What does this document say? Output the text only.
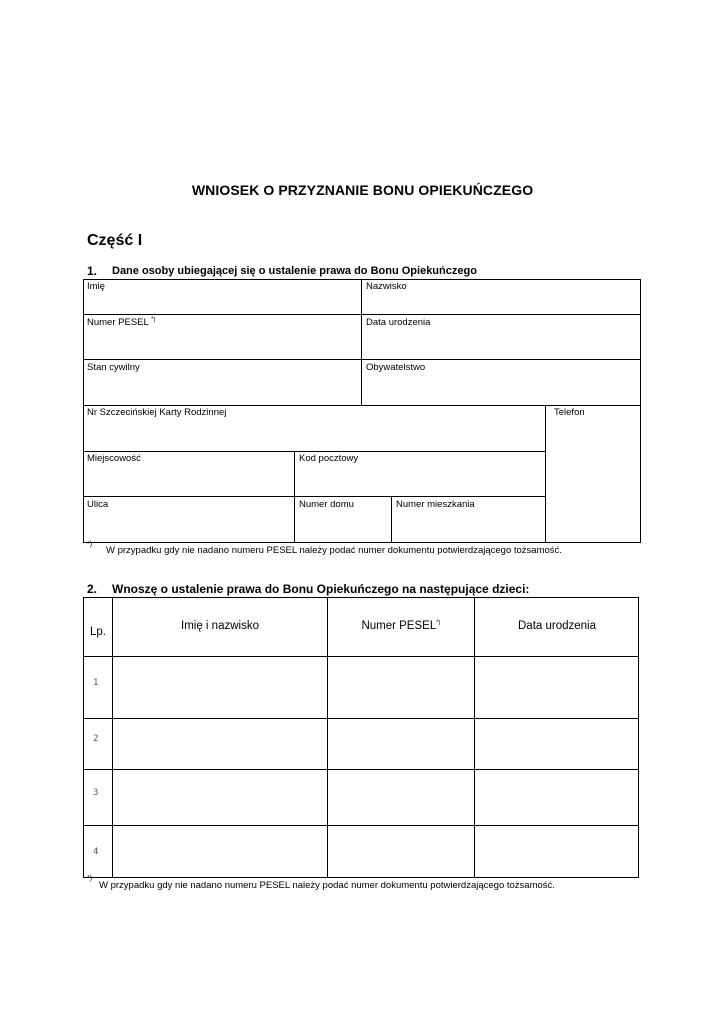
WNIOSEK O PRZYZNANIE BONU OPIEKUŃCZEGO
Część I
1. Dane osoby ubiegającej się o ustalenie prawa do Bonu Opiekuńczego
Imię	Nazwisko
Numer PESEL *)	Data urodzenia
Stan cywilny	Obywatelstwo
Nr Szczecińskiej Karty Rodzinnej	Telefon
Miejscowość	Kod pocztowy
Ulica	Numer domu	Numer mieszkania
*)
W przypadku gdy nie nadano numeru PESEL należy podać numer dokumentu potwierdzającego tożsamość.
2. Wnoszę o ustalenie prawa do Bonu Opiekuńczego na następujące dzieci:
Lp.	Imię i nazwisko	Numer PESEL*)	Data urodzenia
1
2
3
4
*)
W przypadku gdy nie nadano numeru PESEL należy podać numer dokumentu potwierdzającego tożsamość.
